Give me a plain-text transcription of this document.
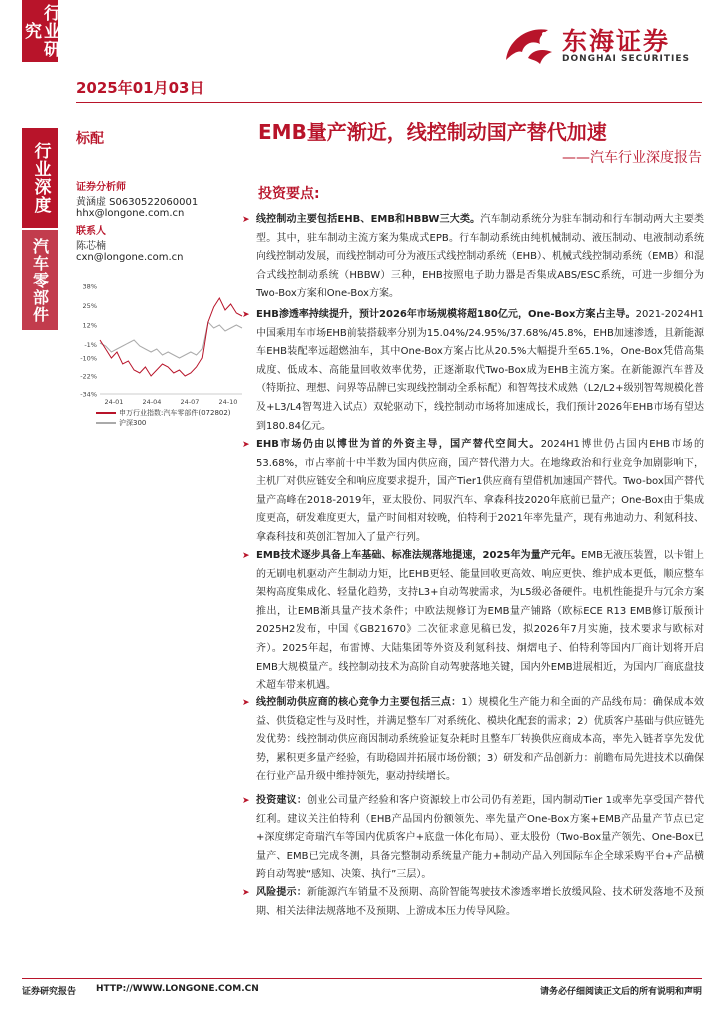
行业研究
行业深度
汽车零部件
2025年01月03日
东海证券
DONGHAI SECURITIES
标配	EMB量产渐近，线控制动国产替代加速
——汽车行业深度报告
证券分析师
黄涵虚 S0630522060001
hhx@longone.com.cn
联系人
陈芯楠
cxn@longone.com.cn
38%
25%
12%
-1%
-10%
-22%
-34%
24-01	24-04	24-07	24-10
申万行业指数:汽车零部件(072802)
沪深300
投资要点:
➤ 线控制动主要包括EHB、EMB和HBBW三大类。汽车制动系统分为驻车制动和行车制动两大主要类型。其中，驻车制动主流方案为集成式EPB。行车制动系统由纯机械制动、液压制动、电液制动系统向线控制动发展，而线控制动可分为液压式线控制动系统（EHB）、机械式线控制动系统（EMB）和混合式线控制动系统（HBBW）三种，EHB按照电子助力器是否集成ABS/ESC系统，可进一步细分为Two-Box方案和One-Box方案。
➤ EHB渗透率持续提升，预计2026年市场规模将超180亿元，One-Box方案占主导。2021-2024H1中国乘用车市场EHB前装搭载率分别为15.04%/24.95%/37.68%/45.8%，EHB加速渗透，且新能源车EHB装配率远超燃油车，其中One-Box方案占比从20.5%大幅提升至65.1%，One-Box凭借高集成度、低成本、高能量回收效率优势，正逐渐取代Two-Box成为EHB主流方案。在新能源汽车普及（特斯拉、理想、问界等品牌已实现线控制动全系标配）和智驾技术成熟（L2/L2+级别智驾规模化普及+L3/L4智驾进入试点）双轮驱动下，线控制动市场将加速成长，我们预计2026年EHB市场有望达到180.84亿元。
➤ EHB市场仍由以博世为首的外资主导，国产替代空间大。2024H1博世仍占国内EHB市场的53.68%，市占率前十中半数为国内供应商，国产替代潜力大。在地缘政治和行业竞争加剧影响下，主机厂对供应链安全和响应度要求提升，国产Tier1供应商有望借机加速国产替代。Two-box国产替代量产高峰在2018-2019年，亚太股份、同驭汽车、拿森科技2020年底前已量产；One-Box由于集成度更高，研发难度更大，量产时间相对较晚，伯特利于2021年率先量产，现有弗迪动力、利氪科技、拿森科技和英创汇智加入了量产行列。
➤ EMB技术逐步具备上车基础、标准法规落地提速，2025年为量产元年。EMB无液压装置，以卡钳上的无刷电机驱动产生制动力矩，比EHB更轻、能量回收更高效、响应更快、维护成本更低，顺应整车架构高度集成化、轻量化趋势，支持L3+自动驾驶需求，为L5级必备硬件。电机性能提升与冗余方案推出，让EMB渐具量产技术条件；中欧法规修订为EMB量产铺路（欧标ECE R13 EMB修订版预计2025H2发布，中国《GB21670》二次征求意见稿已发，拟2026年7月实施，技术要求与欧标对齐）。2025年起，布雷博、大陆集团等外资及利氪科技、炯熠电子、伯特利等国内厂商计划将开启EMB大规模量产。线控制动技术为高阶自动驾驶落地关键，国内外EMB进展相近，为国内厂商底盘技术超车带来机遇。
➤ 线控制动供应商的核心竞争力主要包括三点：1）规模化生产能力和全面的产品线布局：确保成本效益、供货稳定性与及时性，并满足整车厂对系统化、模块化配套的需求；2）优质客户基础与供应链先发优势：线控制动供应商因制动系统验证复杂耗时且整车厂转换供应商成本高，率先入链者享先发优势，累积更多量产经验，有助稳固并拓展市场份额；3）研发和产品创新力：前瞻布局先进技术以确保在行业产品升级中维持领先，驱动持续增长。
➤ 投资建议：创业公司量产经验和客户资源较上市公司仍有差距，国内制动Tier 1或率先享受国产替代红利。建议关注伯特利（EHB产品国内份额领先、率先量产One-Box方案+EMB产品量产节点已定+深度绑定奇瑞汽车等国内优质客户+底盘一体化布局）、亚太股份（Two-Box量产领先、One-Box已量产、EMB已完成冬测，具备完整制动系统量产能力+制动产品入列国际车企全球采购平台+产品横跨自动驾驶“感知、决策、执行”三层）。
➤ 风险提示：新能源汽车销量不及预期、高阶智能驾驶技术渗透率增长放缓风险、技术研发落地不及预期、相关法律法规落地不及预期、上游成本压力传导风险。
证券研究报告 HTTP://WWW.LONGONE.COM.CN	请务必仔细阅读正文后的所有说明和声明
